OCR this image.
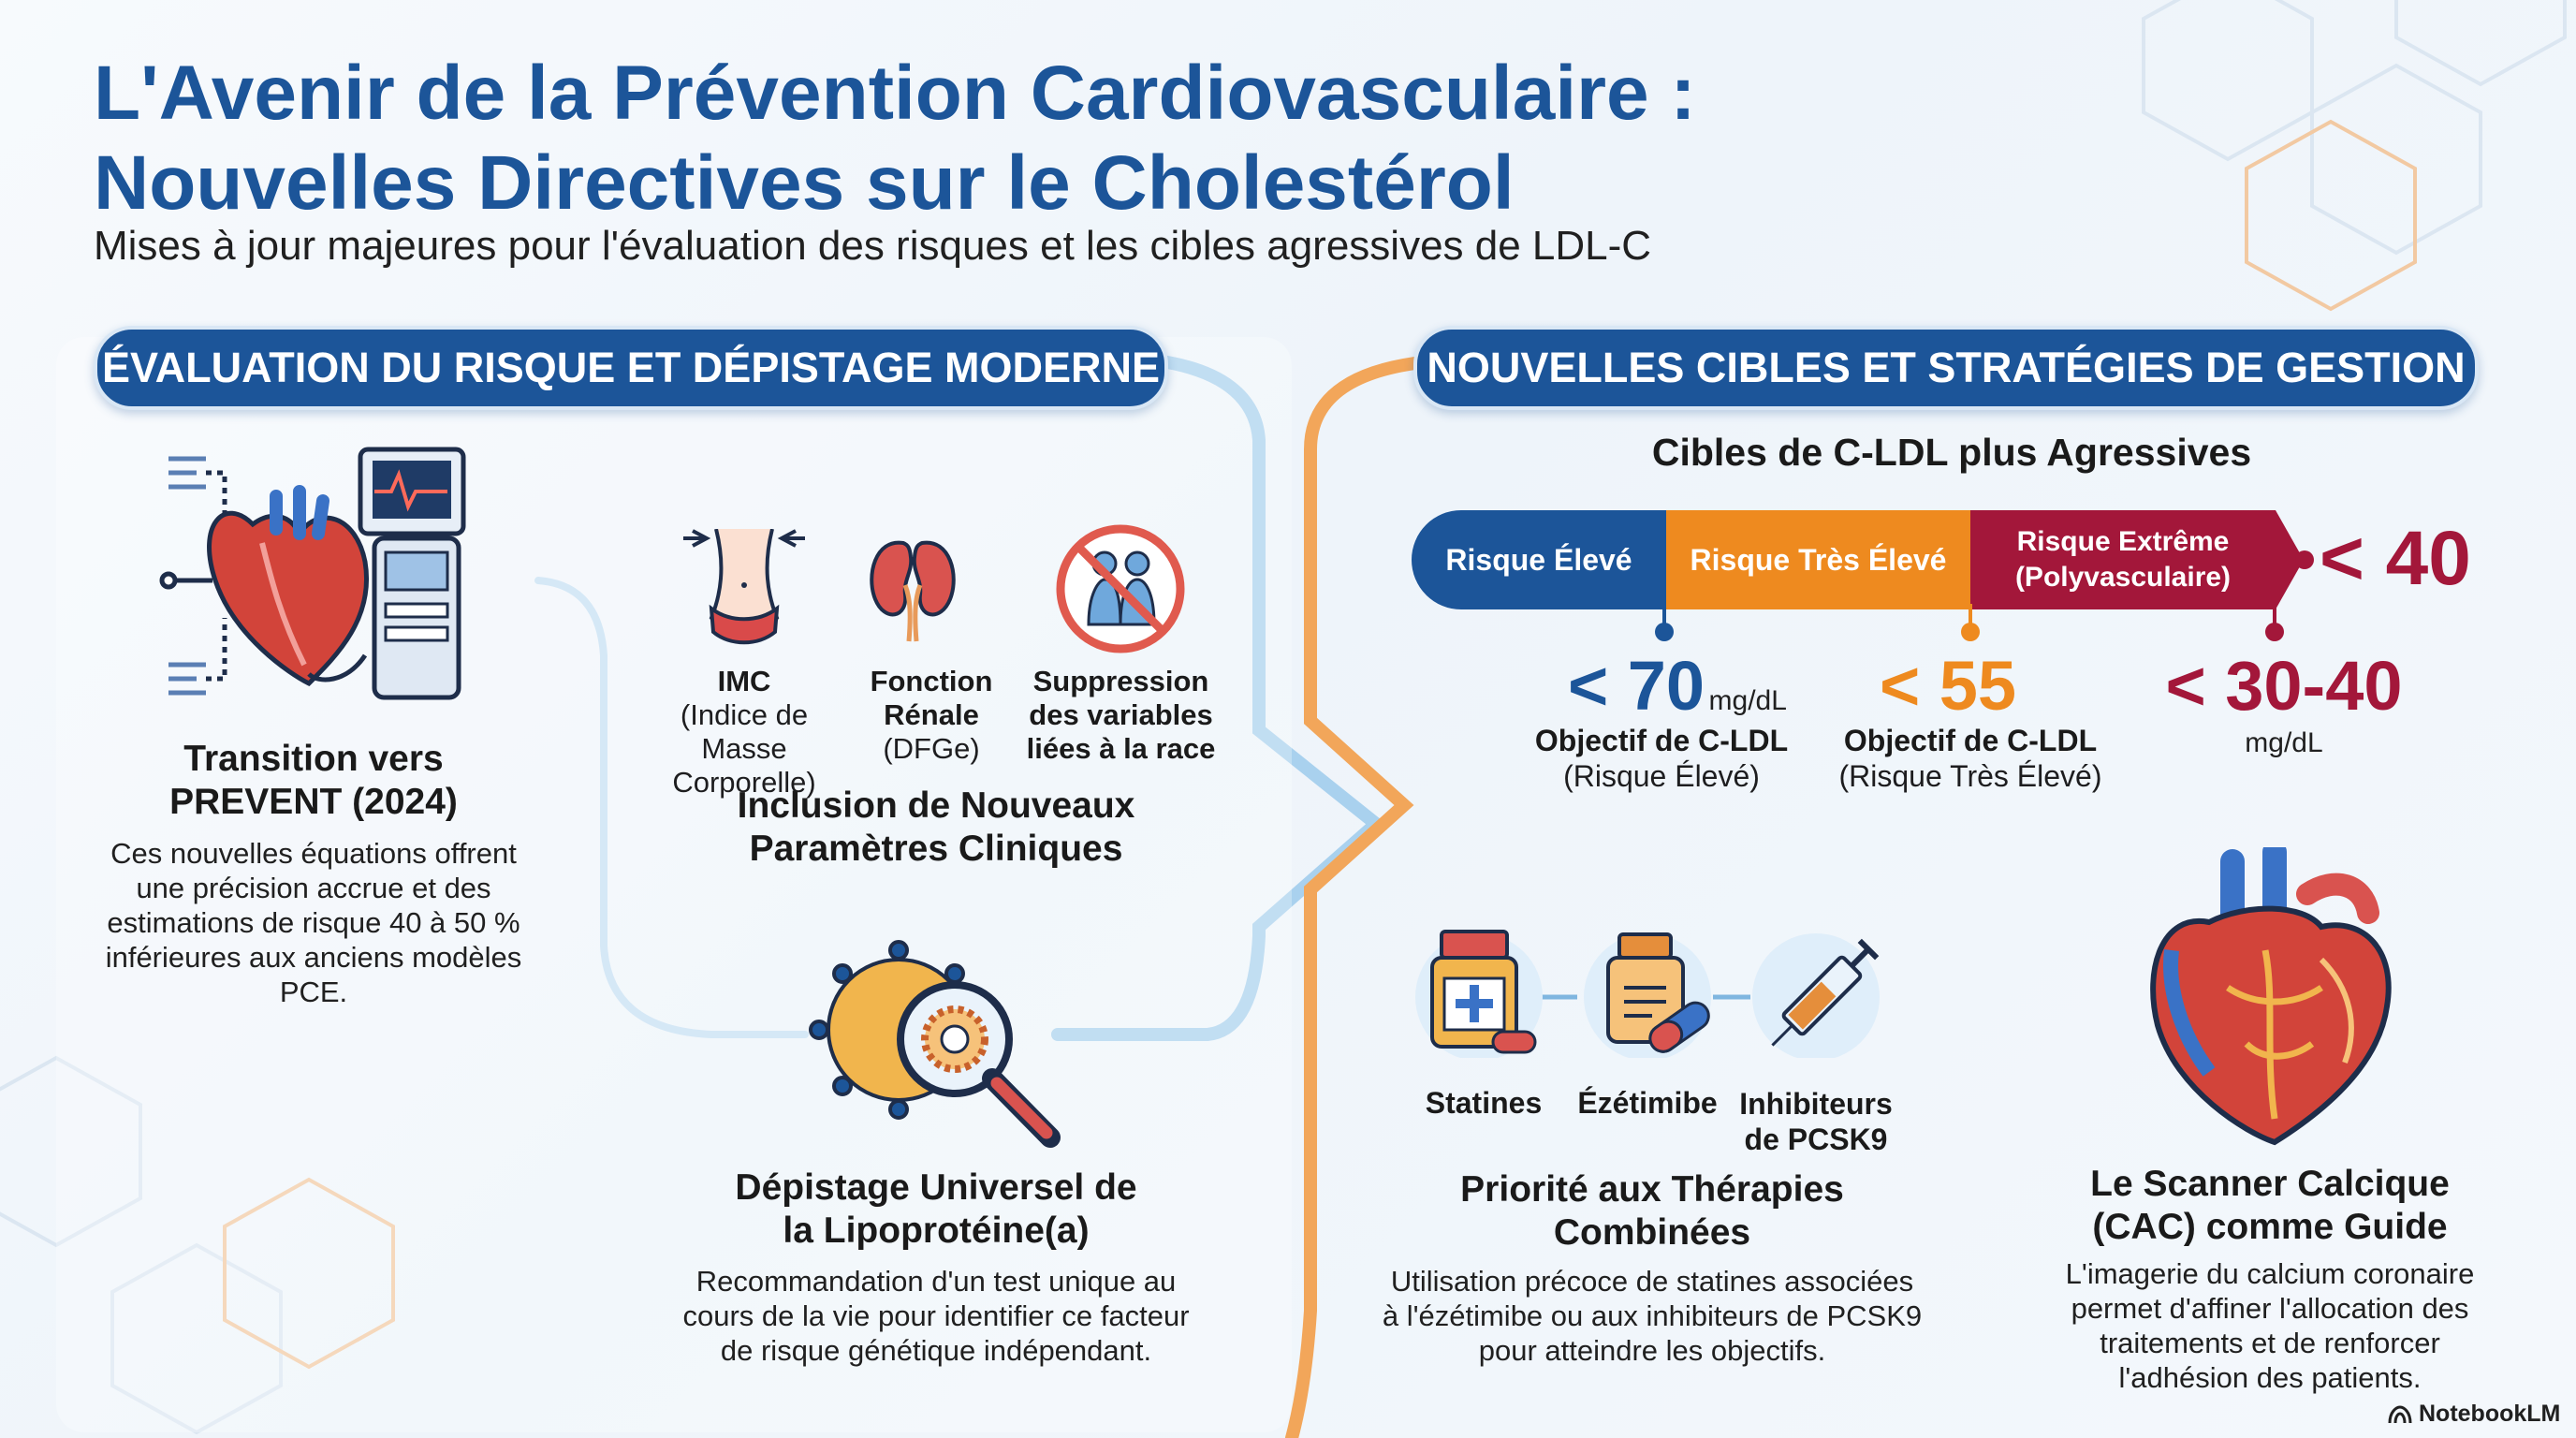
L'Avenir de la Prévention Cardiovasculaire :
Nouvelles Directives sur le Cholestérol
Mises à jour majeures pour l'évaluation des risques et les cibles agressives de LDL-C
ÉVALUATION DU RISQUE ET DÉPISTAGE MODERNE	NOUVELLES CIBLES ET STRATÉGIES DE GESTION
Transition vers
PREVENT (2024)
Ces nouvelles équations offrent
une précision accrue et des
estimations de risque 40 à 50 %
inférieures aux anciens modèles
PCE.
IMC
(Indice de Masse
Corporelle)
Fonction
Rénale
(DFGe)
Suppression
des variables
liées à la race
Inclusion de Nouveaux
Paramètres Cliniques
Dépistage Universel de
la Lipoprotéine(a)
Recommandation d'un test unique au
cours de la vie pour identifier ce facteur
de risque génétique indépendant.
Cibles de C-LDL plus Agressives
Risque Élevé	Risque Très Élevé
Risque Extrême
(Polyvasculaire) < 40
< 70 mg/dL
Objectif de C-LDL
(Risque Élevé)
< 55
Objectif de C-LDL
(Risque Très Élevé)
< 30-40
mg/dL
Statines	Ézétimibe Inhibiteurs
de PCSK9
Priorité aux Thérapies
Combinées
Utilisation précoce de statines associées
à l'ézétimibe ou aux inhibiteurs de PCSK9
pour atteindre les objectifs.
Le Scanner Calcique
(CAC) comme Guide
L'imagerie du calcium coronaire
permet d'affiner l'allocation des
traitements et de renforcer
l'adhésion des patients.
NotebookLM
